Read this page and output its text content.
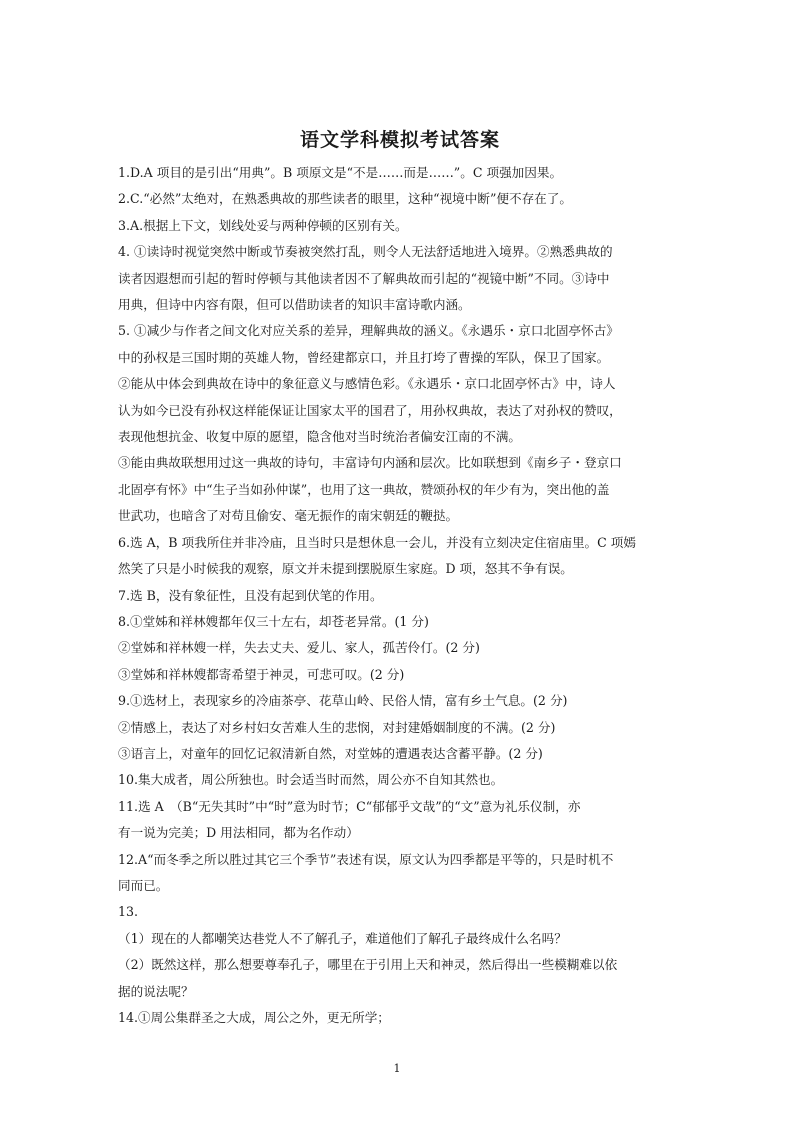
语文学科模拟考试答案
1.D.A 项目的是引出“用典”。B 项原文是“不是……而是……”。C 项强加因果。
2.C.“必然”太绝对，在熟悉典故的那些读者的眼里，这种“视境中断”便不存在了。
3.A.根据上下文，划线处妥与两种停顿的区别有关。
4. ①读诗时视觉突然中断或节奏被突然打乱，则令人无法舒适地进入境界。②熟悉典故的
读者因遐想而引起的暂时停顿与其他读者因不了解典故而引起的“视镜中断”不同。③诗中
用典，但诗中内容有限，但可以借助读者的知识丰富诗歌内涵。
5. ①减少与作者之间文化对应关系的差异，理解典故的涵义。《永遇乐・京口北固亭怀古》
中的孙权是三国时期的英雄人物，曾经建都京口，并且打垮了曹操的军队，保卫了国家。
②能从中体会到典故在诗中的象征意义与感情色彩。《永遇乐・京口北固亭怀古》中，诗人
认为如今已没有孙权这样能保证让国家太平的国君了，用孙权典故，表达了对孙权的赞叹，
表现他想抗金、收复中原的愿望，隐含他对当时统治者偏安江南的不满。
③能由典故联想用过这一典故的诗句，丰富诗句内涵和层次。比如联想到《南乡子・登京口
北固亭有怀》中“生子当如孙仲谋”，也用了这一典故，赞颂孙权的年少有为，突出他的盖
世武功，也暗含了对苟且偷安、毫无振作的南宋朝廷的鞭挞。
6.选 A，B 项我所住并非冷庙，且当时只是想休息一会儿，并没有立刻决定住宿庙里。C 项嫣
然笑了只是小时候我的观察，原文并未提到摆脱原生家庭。D 项，怒其不争有误。
7.选 B，没有象征性，且没有起到伏笔的作用。
8.①堂姊和祥林嫂都年仅三十左右，却苍老异常。(1 分)
②堂姊和祥林嫂一样，失去丈夫、爱儿、家人，孤苦伶仃。(2 分)
③堂姊和祥林嫂都寄希望于神灵，可悲可叹。(2 分)
9.①选材上，表现家乡的冷庙茶亭、花草山岭、民俗人情，富有乡土气息。(2 分)
②情感上，表达了对乡村妇女苦难人生的悲悯，对封建婚姻制度的不满。(2 分)
③语言上，对童年的回忆记叙清新自然，对堂姊的遭遇表达含蓄平静。(2 分)
10.集大成者，周公所独也。时会适当时而然，周公亦不自知其然也。
11.选 A　（B“无失其时”中“时”意为时节；C“郁郁乎文哉”的“文”意为礼乐仪制，亦
有一说为完美；D 用法相同，都为名作动）
12.A“而冬季之所以胜过其它三个季节”表述有误，原文认为四季都是平等的，只是时机不
同而已。
13.
（1）现在的人都嘲笑达巷党人不了解孔子，难道他们了解孔子最终成什么名吗？
（2）既然这样，那么想要尊奉孔子，哪里在于引用上天和神灵，然后得出一些模糊难以依
据的说法呢？
14.①周公集群圣之大成，周公之外，更无所学；
1
